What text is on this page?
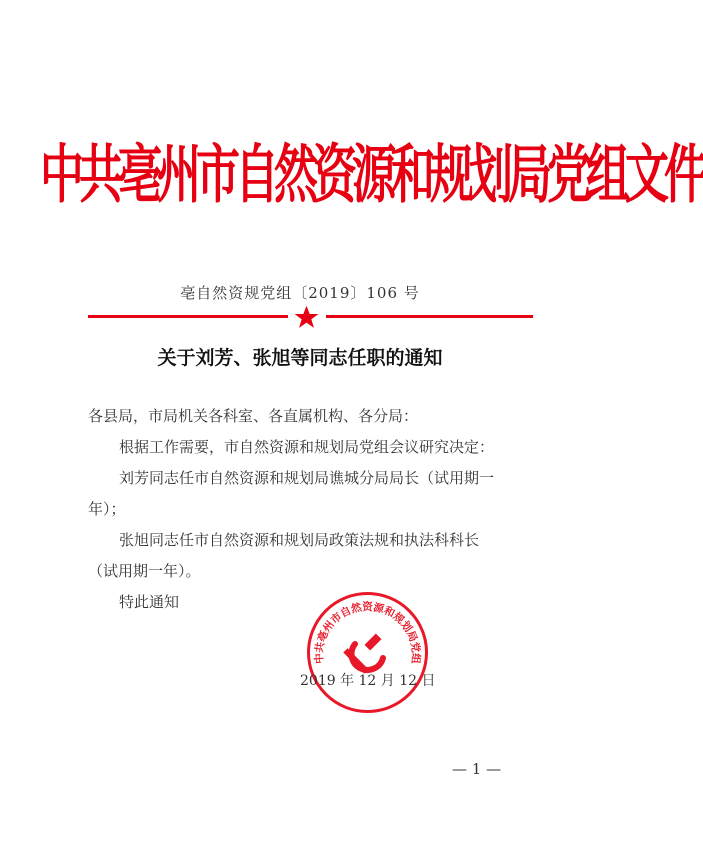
中共亳州市自然资源和规划局党组文件
亳自然资规党组〔2019〕106 号
关于刘芳、张旭等同志任职的通知
各县局，市局机关各科室、各直属机构、各分局：
根据工作需要，市自然资源和规划局党组会议研究决定：
刘芳同志任市自然资源和规划局谯城分局局长（试用期一
年）；
张旭同志任市自然资源和规划局政策法规和执法科科长
（试用期一年）。
特此通知
中共亳州市自然资源和规划局党组
2019 年 12 月 12 日
— 1 —
